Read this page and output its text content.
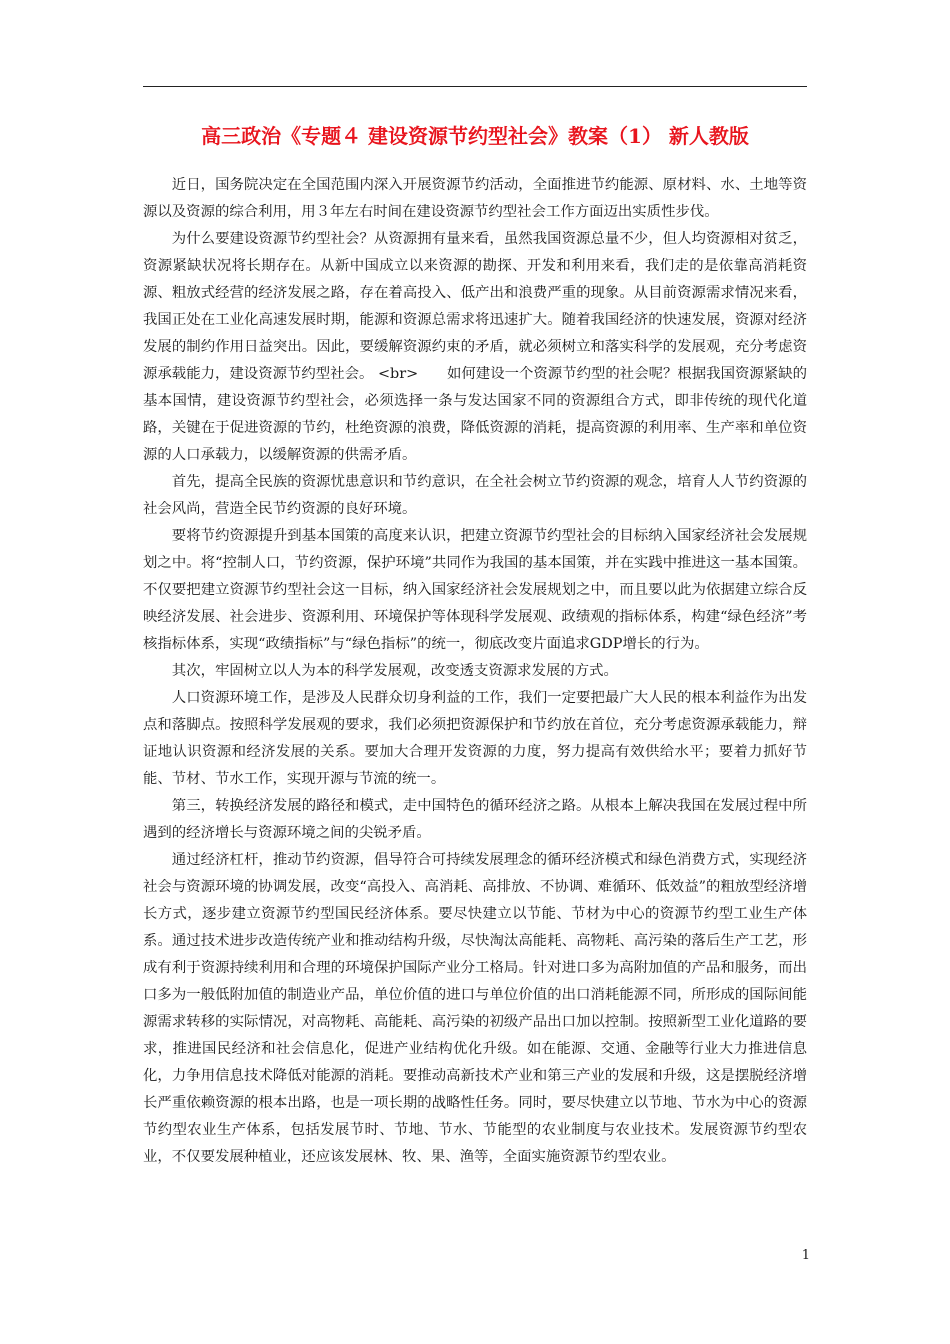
高三政治《专题４ 建设资源节约型社会》教案（1） 新人教版

近日，国务院决定在全国范围内深入开展资源节约活动，全面推进节约能源、原材料、水、土地等资源以及资源的综合利用，用３年左右时间在建设资源节约型社会工作方面迈出实质性步伐。

为什么要建设资源节约型社会？从资源拥有量来看，虽然我国资源总量不少，但人均资源相对贫乏，资源紧缺状况将长期存在。从新中国成立以来资源的勘探、开发和利用来看，我们走的是依靠高消耗资源、粗放式经营的经济发展之路，存在着高投入、低产出和浪费严重的现象。从目前资源需求情况来看，我国正处在工业化高速发展时期，能源和资源总需求将迅速扩大。随着我国经济的快速发展，资源对经济发展的制约作用日益突出。因此，要缓解资源约束的矛盾，就必须树立和落实科学的发展观，充分考虑资源承载能力，建设资源节约型社会。 <br>　　如何建设一个资源节约型的社会呢？根据我国资源紧缺的基本国情，建设资源节约型社会，必须选择一条与发达国家不同的资源组合方式，即非传统的现代化道路，关键在于促进资源的节约，杜绝资源的浪费，降低资源的消耗，提高资源的利用率、生产率和单位资源的人口承载力，以缓解资源的供需矛盾。

首先，提高全民族的资源忧患意识和节约意识，在全社会树立节约资源的观念，培育人人节约资源的社会风尚，营造全民节约资源的良好环境。

要将节约资源提升到基本国策的高度来认识，把建立资源节约型社会的目标纳入国家经济社会发展规划之中。将“控制人口，节约资源，保护环境”共同作为我国的基本国策，并在实践中推进这一基本国策。不仅要把建立资源节约型社会这一目标，纳入国家经济社会发展规划之中，而且要以此为依据建立综合反映经济发展、社会进步、资源利用、环境保护等体现科学发展观、政绩观的指标体系，构建“绿色经济”考核指标体系，实现“政绩指标”与“绿色指标”的统一，彻底改变片面追求GDP增长的行为。

其次，牢固树立以人为本的科学发展观，改变透支资源求发展的方式。

人口资源环境工作，是涉及人民群众切身利益的工作，我们一定要把最广大人民的根本利益作为出发点和落脚点。按照科学发展观的要求，我们必须把资源保护和节约放在首位，充分考虑资源承载能力，辩证地认识资源和经济发展的关系。要加大合理开发资源的力度，努力提高有效供给水平；要着力抓好节能、节材、节水工作，实现开源与节流的统一。

第三，转换经济发展的路径和模式，走中国特色的循环经济之路。从根本上解决我国在发展过程中所遇到的经济增长与资源环境之间的尖锐矛盾。

通过经济杠杆，推动节约资源，倡导符合可持续发展理念的循环经济模式和绿色消费方式，实现经济社会与资源环境的协调发展，改变“高投入、高消耗、高排放、不协调、难循环、低效益”的粗放型经济增长方式，逐步建立资源节约型国民经济体系。要尽快建立以节能、节材为中心的资源节约型工业生产体系。通过技术进步改造传统产业和推动结构升级，尽快淘汰高能耗、高物耗、高污染的落后生产工艺，形成有利于资源持续利用和合理的环境保护国际产业分工格局。针对进口多为高附加值的产品和服务，而出口多为一般低附加值的制造业产品，单位价值的进口与单位价值的出口消耗能源不同，所形成的国际间能源需求转移的实际情况，对高物耗、高能耗、高污染的初级产品出口加以控制。按照新型工业化道路的要求，推进国民经济和社会信息化，促进产业结构优化升级。如在能源、交通、金融等行业大力推进信息化，力争用信息技术降低对能源的消耗。要推动高新技术产业和第三产业的发展和升级，这是摆脱经济增长严重依赖资源的根本出路，也是一项长期的战略性任务。同时，要尽快建立以节地、节水为中心的资源节约型农业生产体系，包括发展节时、节地、节水、节能型的农业制度与农业技术。发展资源节约型农业，不仅要发展种植业，还应该发展林、牧、果、渔等，全面实施资源节约型农业。

1
